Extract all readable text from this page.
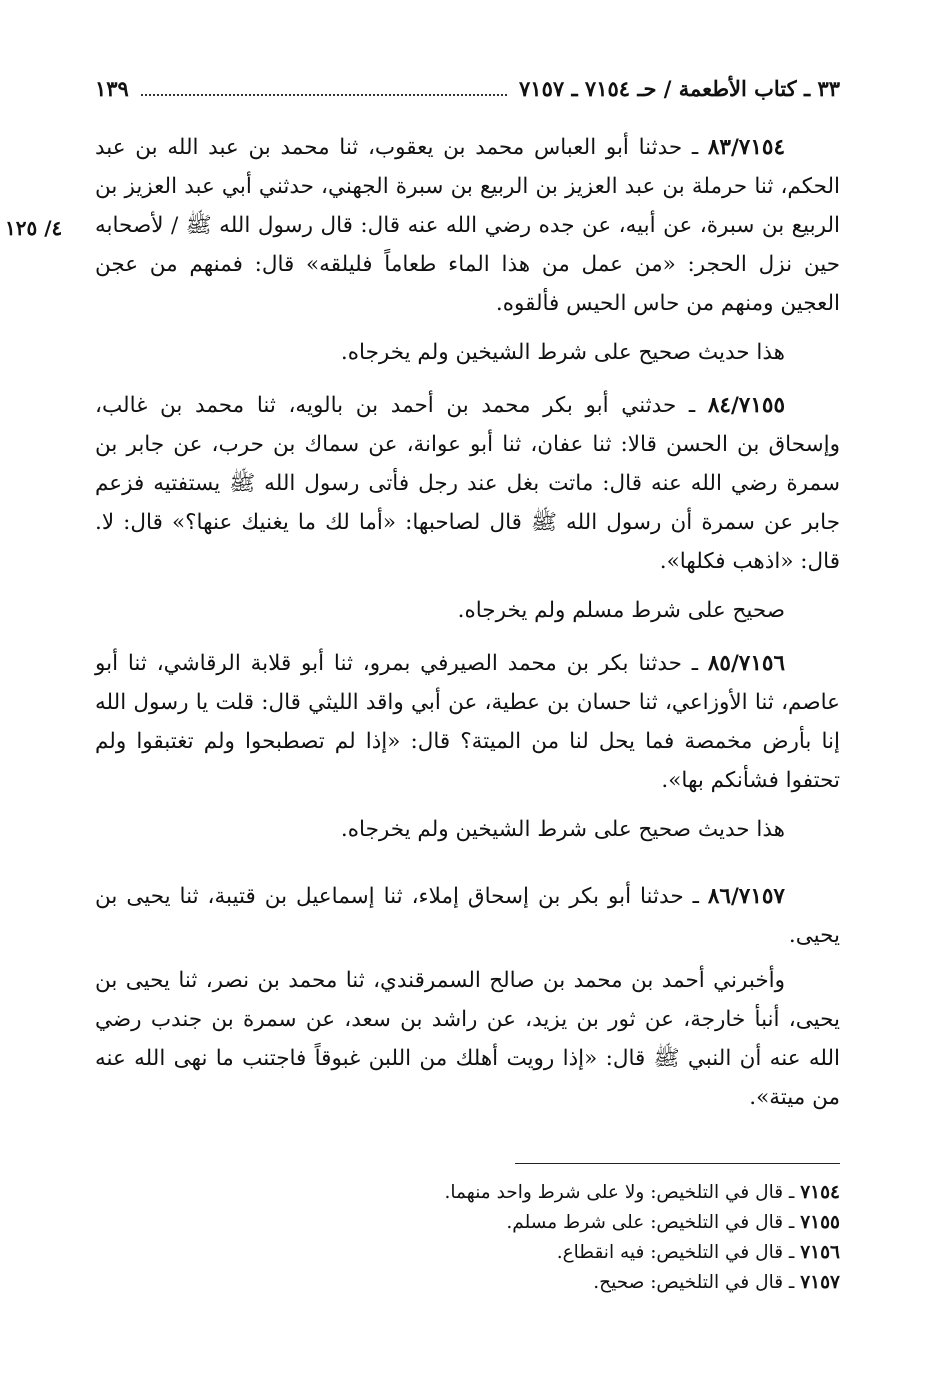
٣٣ ـ كتاب الأطعمة / حـ ٧١٥٤ ـ ٧١٥٧
١٣٩
٤/ ١٢٥

٨٣/٧١٥٤ ـ حدثنا أبو العباس محمد بن يعقوب، ثنا محمد بن عبد الله بن عبد الحكم، ثنا حرملة بن عبد العزيز بن الربيع بن سبرة الجهني، حدثني أبي عبد العزيز بن الربيع بن سبرة، عن أبيه، عن جده رضي الله عنه قال: قال رسول الله ﷺ / لأصحابه حين نزل الحجر: «من عمل من هذا الماء طعاماً فليلقه» قال: فمنهم من عجن العجين ومنهم من حاس الحيس فألقوه.

هذا حديث صحيح على شرط الشيخين ولم يخرجاه.

٨٤/٧١٥٥ ـ حدثني أبو بكر محمد بن أحمد بن بالويه، ثنا محمد بن غالب، وإسحاق بن الحسن قالا: ثنا عفان، ثنا أبو عوانة، عن سماك بن حرب، عن جابر بن سمرة رضي الله عنه قال: ماتت بغل عند رجل فأتى رسول الله ﷺ يستفتيه فزعم جابر عن سمرة أن رسول الله ﷺ قال لصاحبها: «أما لك ما يغنيك عنها؟» قال: لا. قال: «اذهب فكلها».

صحيح على شرط مسلم ولم يخرجاه.

٨٥/٧١٥٦ ـ حدثنا بكر بن محمد الصيرفي بمرو، ثنا أبو قلابة الرقاشي، ثنا أبو عاصم، ثنا الأوزاعي، ثنا حسان بن عطية، عن أبي واقد الليثي قال: قلت يا رسول الله إنا بأرض مخمصة فما يحل لنا من الميتة؟ قال: «إذا لم تصطبحوا ولم تغتبقوا ولم تحتفوا فشأنكم بها».

هذا حديث صحيح على شرط الشيخين ولم يخرجاه.

٨٦/٧١٥٧ ـ حدثنا أبو بكر بن إسحاق إملاء، ثنا إسماعيل بن قتيبة، ثنا يحيى بن يحيى.

وأخبرني أحمد بن محمد بن صالح السمرقندي، ثنا محمد بن نصر، ثنا يحيى بن يحيى، أنبأ خارجة، عن ثور بن يزيد، عن راشد بن سعد، عن سمرة بن جندب رضي الله عنه أن النبي ﷺ قال: «إذا رويت أهلك من اللبن غبوقاً فاجتنب ما نهى الله عنه من ميتة».

٧١٥٤ ـ قال في التلخيص: ولا على شرط واحد منهما.

٧١٥٥ ـ قال في التلخيص: على شرط مسلم.

٧١٥٦ ـ قال في التلخيص: فيه انقطاع.

٧١٥٧ ـ قال في التلخيص: صحيح.
